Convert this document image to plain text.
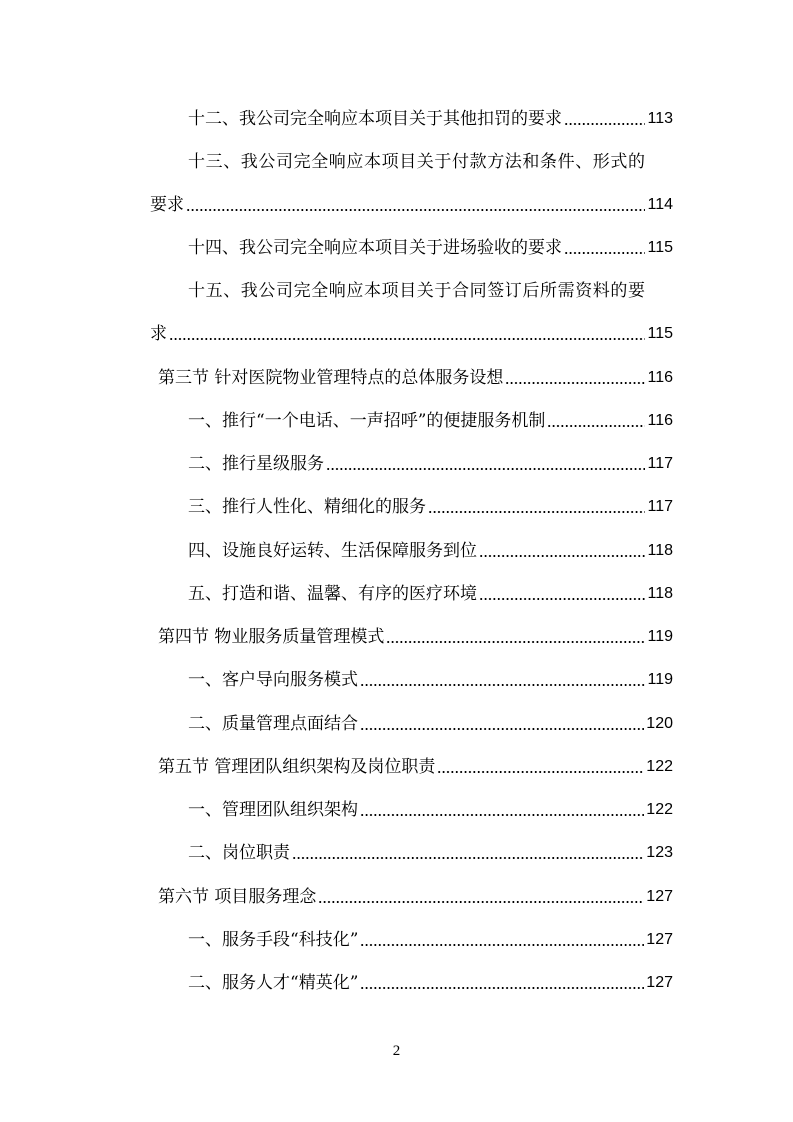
十二、我公司完全响应本项目关于其他扣罚的要求	113
十三、我公司完全响应本项目关于付款方法和条件、形式的
要求	114
十四、我公司完全响应本项目关于进场验收的要求	115
十五、我公司完全响应本项目关于合同签订后所需资料的要
求	115
第三节 针对医院物业管理特点的总体服务设想	116
一、推行“一个电话、一声招呼”的便捷服务机制	116
二、推行星级服务	117
三、推行人性化、精细化的服务	117
四、设施良好运转、生活保障服务到位	118
五、打造和谐、温馨、有序的医疗环境	118
第四节 物业服务质量管理模式	119
一、客户导向服务模式	119
二、质量管理点面结合	120
第五节 管理团队组织架构及岗位职责	122
一、管理团队组织架构	122
二、岗位职责	123
第六节 项目服务理念	127
一、服务手段“科技化”	127
二、服务人才“精英化”	127
2
